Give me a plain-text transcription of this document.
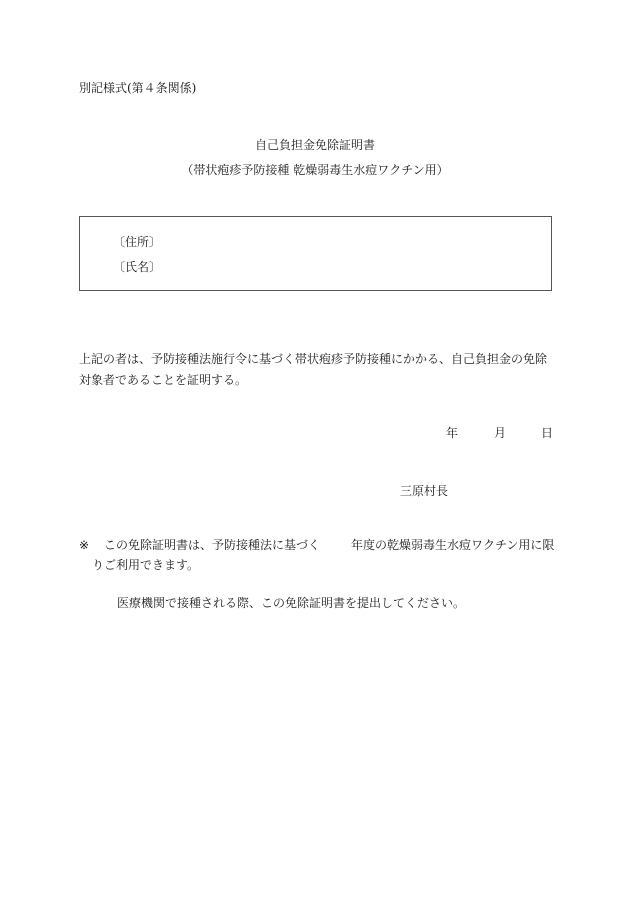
別記様式(第４条関係)
自己負担金免除証明書
（帯状疱疹予防接種 乾燥弱毒生水痘ワクチン用）
〔住所〕
〔氏名〕
上記の者は、予防接種法施行令に基づく帯状疱疹予防接種にかかる、自己負担金の免除
対象者であることを証明する。
年	月	日
三原村長
※ この免除証明書は、予防接種法に基づく	年度の乾燥弱毒生水痘ワクチン用に限
りご利用できます。
医療機関で接種される際、この免除証明書を提出してください。
